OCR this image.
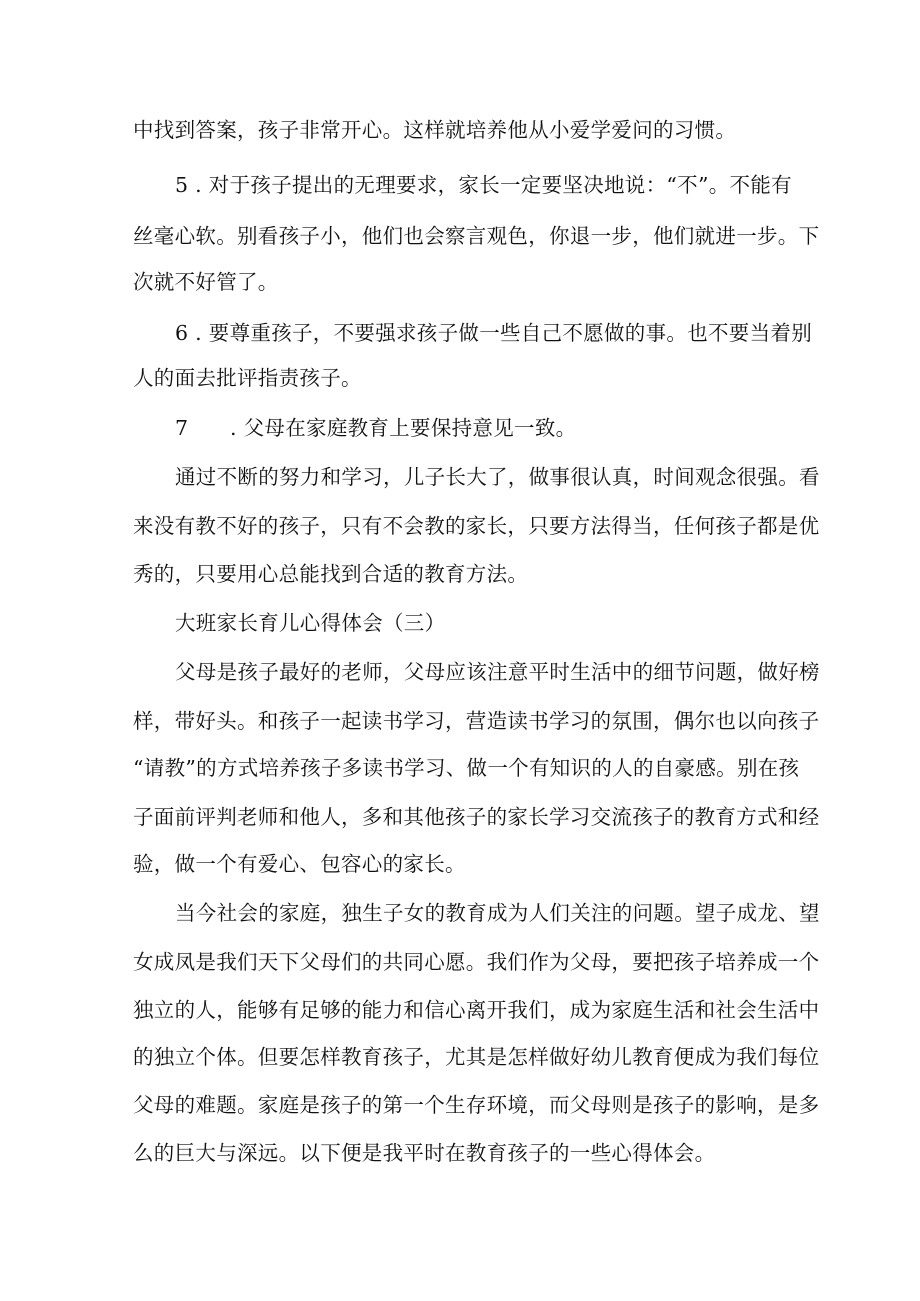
中找到答案，孩子非常开心。这样就培养他从小爱学爱问的习惯。
5 . 对于孩子提出的无理要求，家长一定要坚决地说：“不”。不能有
丝毫心软。别看孩子小，他们也会察言观色，你退一步，他们就进一步。下
次就不好管了。
6 . 要尊重孩子，不要强求孩子做一些自己不愿做的事。也不要当着别
人的面去批评指责孩子。
7 . 父母在家庭教育上要保持意见一致。
通过不断的努力和学习，儿子长大了，做事很认真，时间观念很强。看
来没有教不好的孩子，只有不会教的家长，只要方法得当，任何孩子都是优
秀的，只要用心总能找到合适的教育方法。
大班家长育儿心得体会（三）
父母是孩子最好的老师，父母应该注意平时生活中的细节问题，做好榜
样，带好头。和孩子一起读书学习，营造读书学习的氛围，偶尔也以向孩子
“请教”的方式培养孩子多读书学习、做一个有知识的人的自豪感。别在孩
子面前评判老师和他人，多和其他孩子的家长学习交流孩子的教育方式和经
验，做一个有爱心、包容心的家长。
当今社会的家庭，独生子女的教育成为人们关注的问题。望子成龙、望
女成凤是我们天下父母们的共同心愿。我们作为父母，要把孩子培养成一个
独立的人，能够有足够的能力和信心离开我们，成为家庭生活和社会生活中
的独立个体。但要怎样教育孩子，尤其是怎样做好幼儿教育便成为我们每位
父母的难题。家庭是孩子的第一个生存环境，而父母则是孩子的影响，是多
么的巨大与深远。以下便是我平时在教育孩子的一些心得体会。
